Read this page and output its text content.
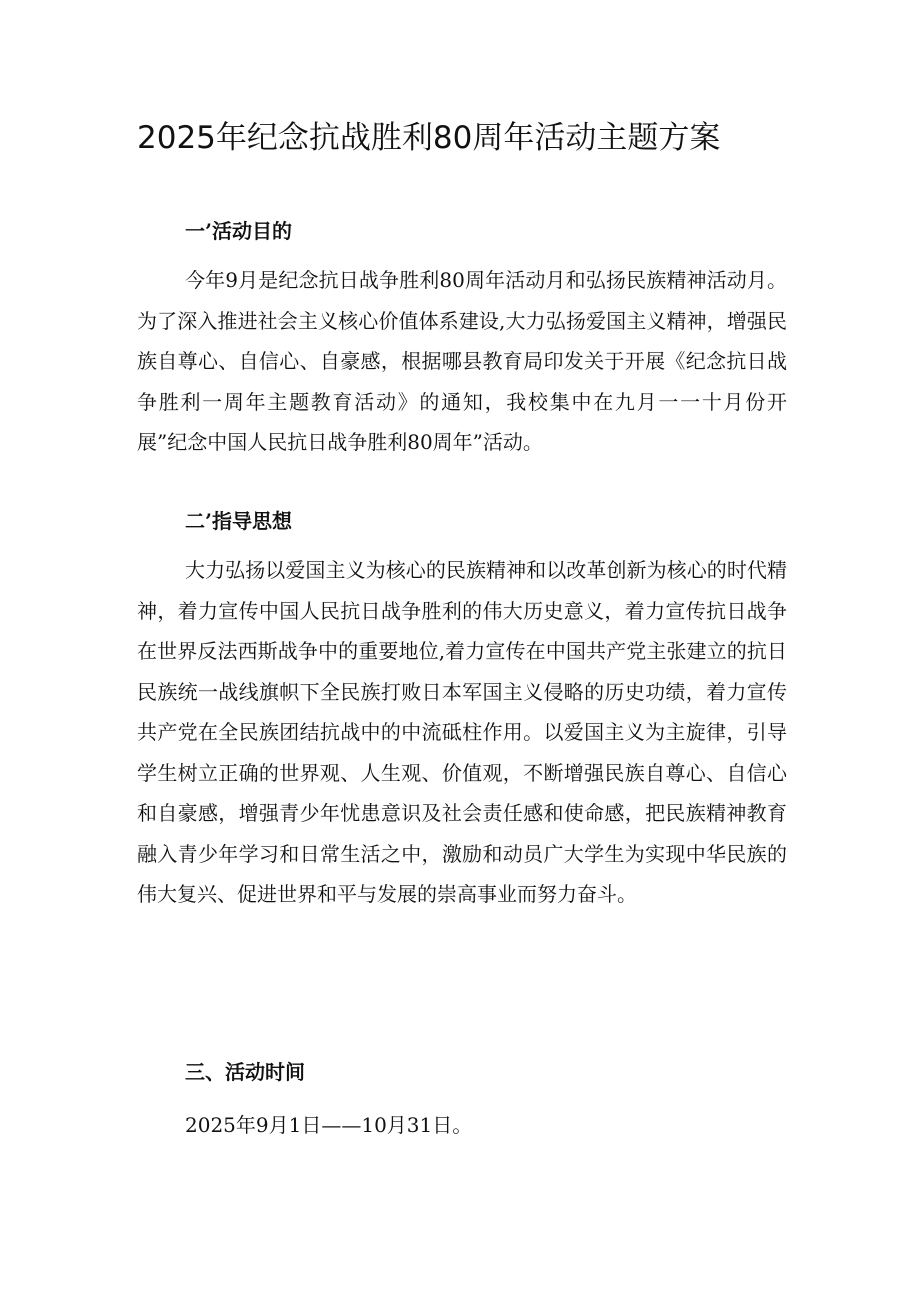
2025年纪念抗战胜利80周年活动主题方案
一’活动目的

今年9月是纪念抗日战争胜利80周年活动月和弘扬民族精神活动月。为了深入推进社会主义核心价值体系建设,大力弘扬爱国主义精神，增强民族自尊心、自信心、自豪感，根据哪县教育局印发关于开展《纪念抗日战争胜利一周年主题教育活动》的通知，我校集中在九月一一十月份开展”纪念中国人民抗日战争胜利80周年”活动。

二’指导思想

大力弘扬以爱国主义为核心的民族精神和以改革创新为核心的时代精神，着力宣传中国人民抗日战争胜利的伟大历史意义，着力宣传抗日战争在世界反法西斯战争中的重要地位,着力宣传在中国共产党主张建立的抗日民族统一战线旗帜下全民族打败日本军国主义侵略的历史功绩，着力宣传共产党在全民族团结抗战中的中流砥柱作用。以爱国主义为主旋律，引导学生树立正确的世界观、人生观、价值观，不断增强民族自尊心、自信心和自豪感，增强青少年忧患意识及社会责任感和使命感，把民族精神教育融入青少年学习和日常生活之中，激励和动员广大学生为实现中华民族的伟大复兴、促进世界和平与发展的崇高事业而努力奋斗。

三、活动时间

2025年9月1日——10月31日。
